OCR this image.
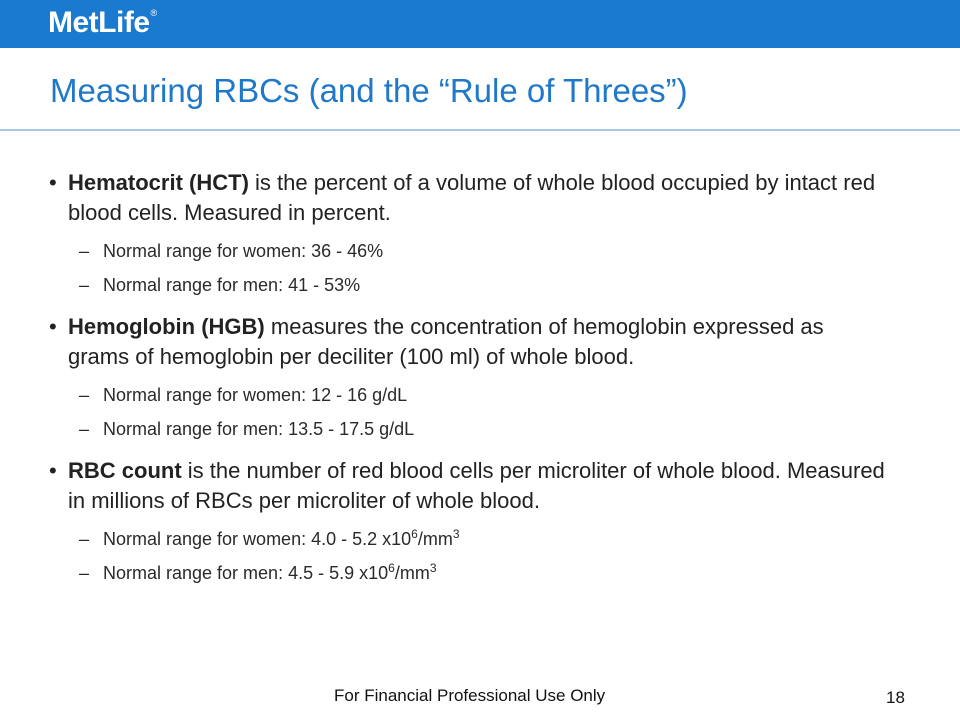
MetLife®
Measuring RBCs (and the “Rule of Threes”)
• Hematocrit (HCT) is the percent of a volume of whole blood occupied by intact red blood cells. Measured in percent.
– Normal range for women: 36 - 46%
– Normal range for men: 41 - 53%
• Hemoglobin (HGB) measures the concentration of hemoglobin expressed as grams of hemoglobin per deciliter (100 ml) of whole blood.
– Normal range for women: 12 - 16 g/dL
– Normal range for men: 13.5 - 17.5 g/dL
• RBC count is the number of red blood cells per microliter of whole blood. Measured in millions of RBCs per microliter of whole blood.
– Normal range for women: 4.0 - 5.2 $x10^6/mm^3$
– Normal range for men: 4.5 - 5.9 $x10^6/mm^3$
For Financial Professional Use Only	18
